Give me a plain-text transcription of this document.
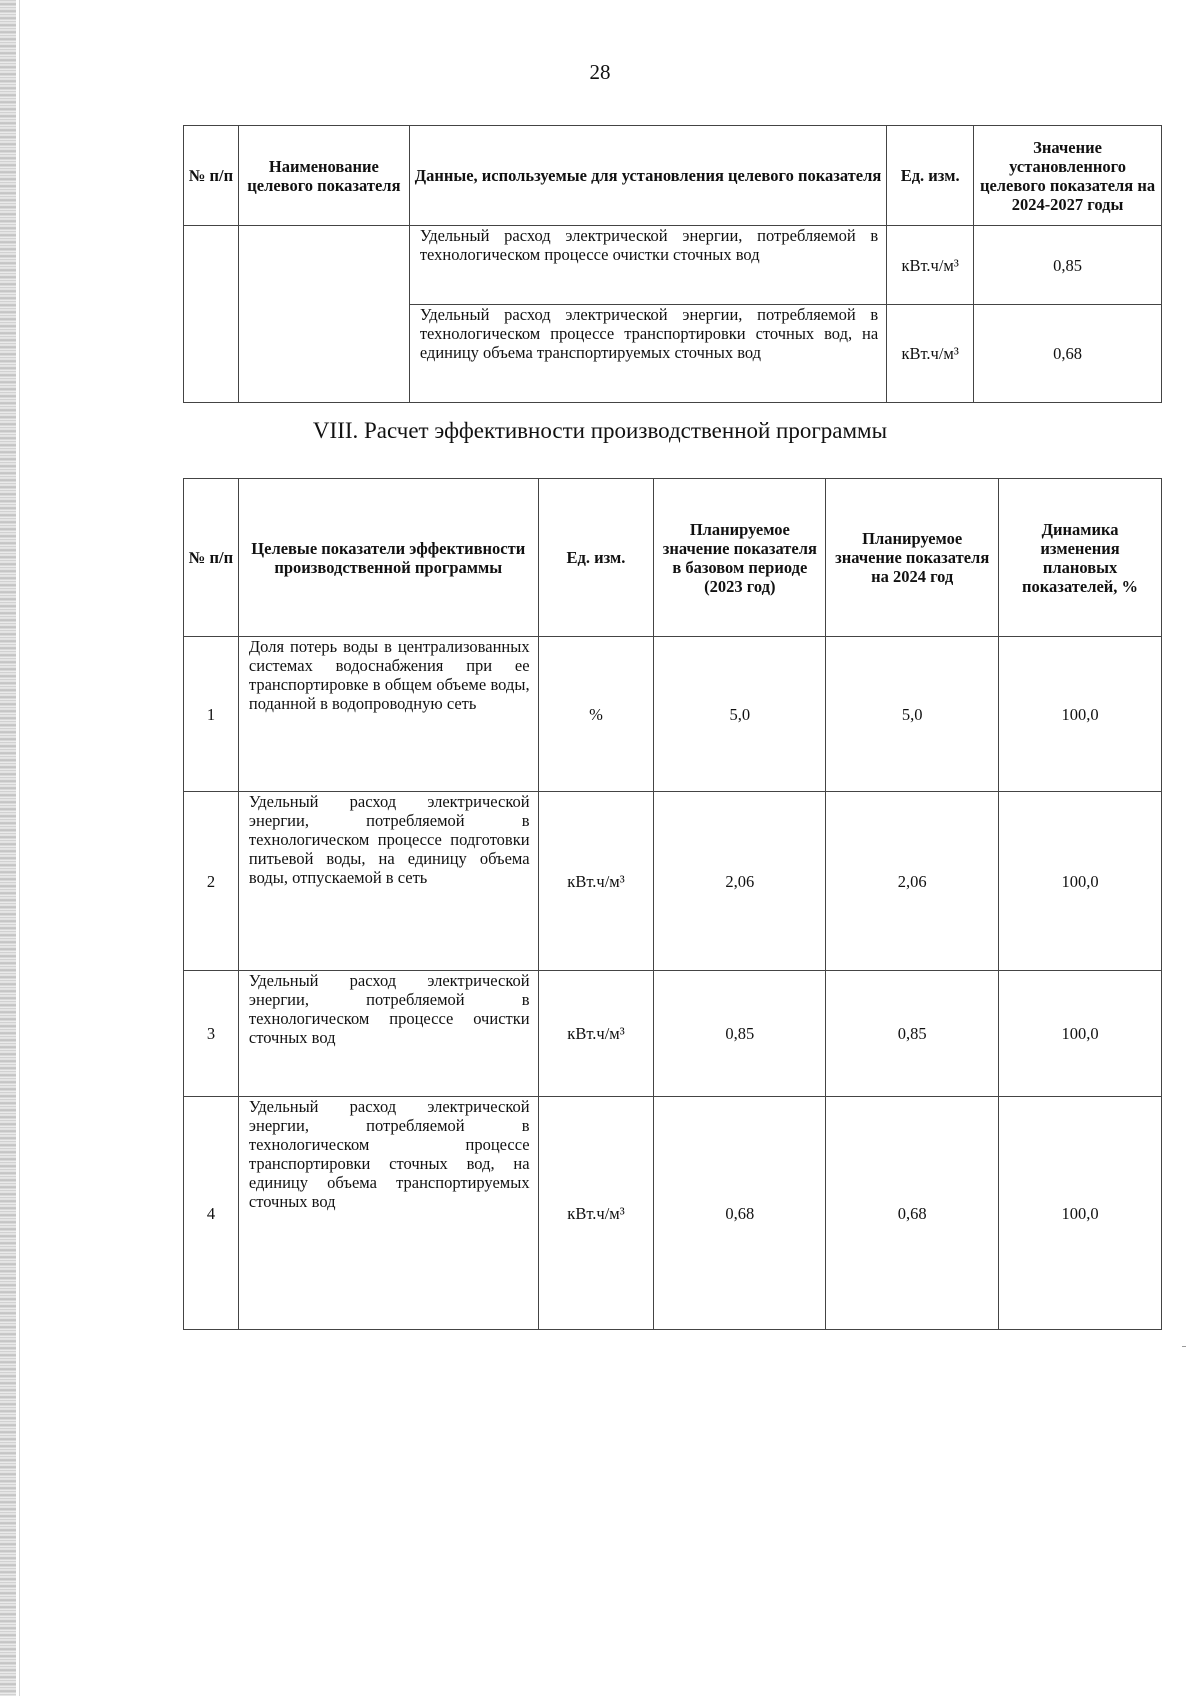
28
№ п/п	Наименование целевого показателя	Данные, используемые для установления целевого показателя	Ед. изм.	Значение установленного целевого показателя на 2024-2027 годы
		Удельный расход электрической энергии, потребляемой в технологическом процессе очистки сточных вод	кВт.ч/м³	0,85
		Удельный расход электрической энергии, потребляемой в технологическом процессе транспортировки сточных вод, на единицу объема транспортируемых сточных вод	кВт.ч/м³	0,68
VIII. Расчет эффективности производственной программы
№ п/п	Целевые показатели эффективности производственной программы	Ед. изм.	Планируемое значение показателя в базовом периоде (2023 год)	Планируемое значение показателя на 2024 год	Динамика изменения плановых показателей, %
1	Доля потерь воды в централизованных системах водоснабжения при ее транспортировке в общем объеме воды, поданной в водопроводную сеть	%	5,0	5,0	100,0
2	Удельный расход электрической энергии, потребляемой в технологическом процессе подготовки питьевой воды, на единицу объема воды, отпускаемой в сеть	кВт.ч/м³	2,06	2,06	100,0
3	Удельный расход электрической энергии, потребляемой в технологическом процессе очистки сточных вод	кВт.ч/м³	0,85	0,85	100,0
4	Удельный расход электрической энергии, потребляемой в технологическом процессе транспортировки сточных вод, на единицу объема транспортируемых сточных вод	кВт.ч/м³	0,68	0,68	100,0
